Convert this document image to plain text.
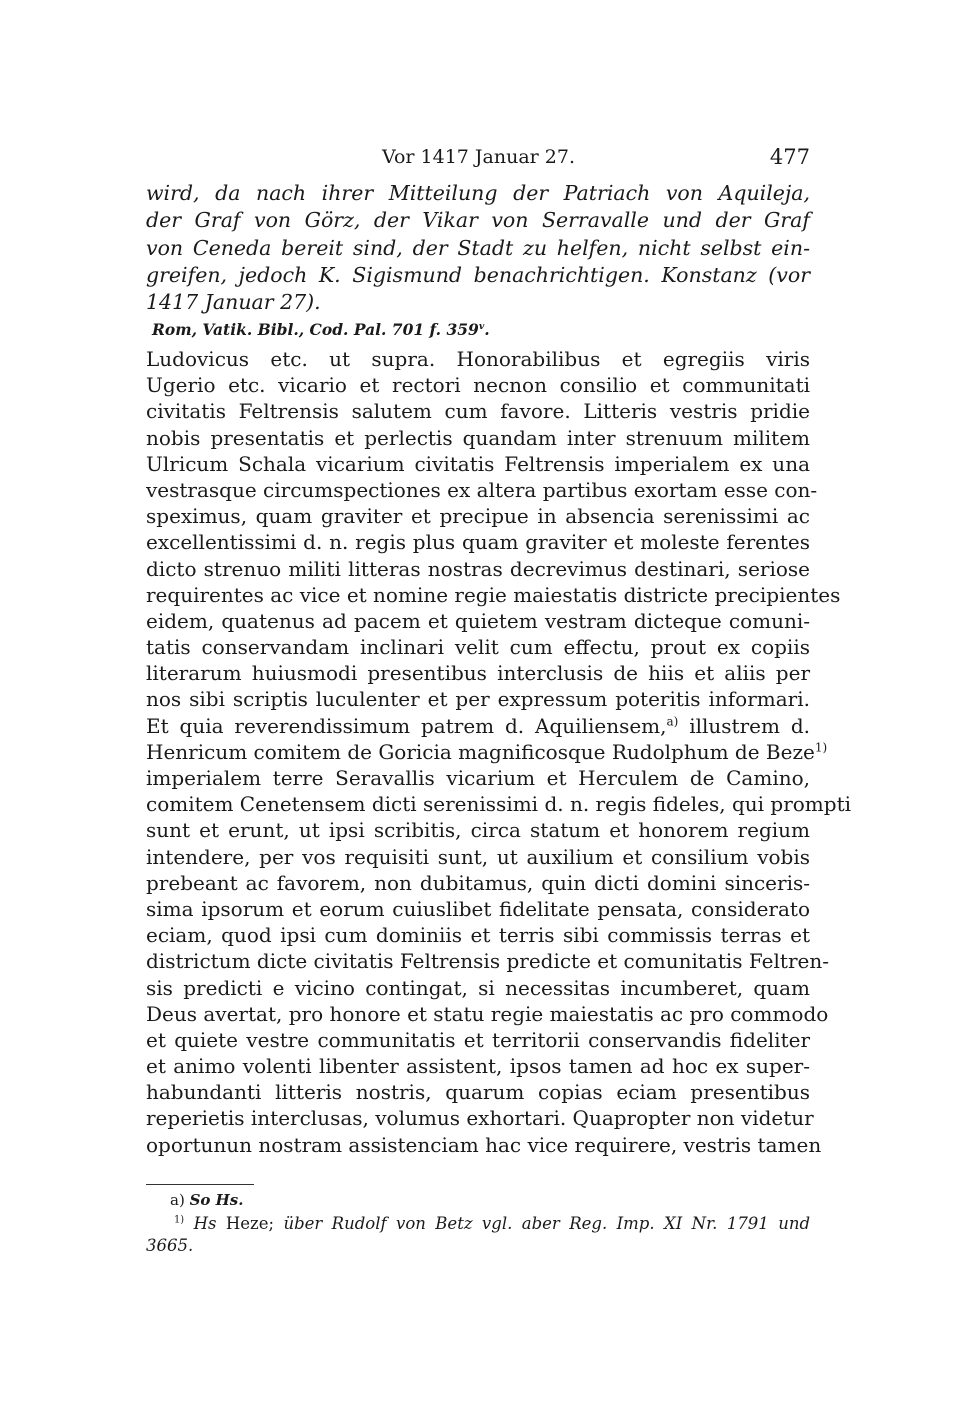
Vor 1417 Januar 27.	477
wird, da nach ihrer Mitteilung der Patriach von Aquileja,
der Graf von Görz, der Vikar von Serravalle und der Graf
von Ceneda bereit sind, der Stadt zu helfen, nicht selbst ein-
greifen, jedoch K. Sigismund benachrichtigen. Konstanz (vor
1417 Januar 27).
Rom, Vatik. Bibl., Cod. Pal. 701 f. 359$^v$.
Ludovicus etc. ut supra. Honorabilibus et egregiis viris
Ugerio etc. vicario et rectori necnon consilio et communitati
civitatis Feltrensis salutem cum favore. Litteris vestris pridie
nobis presentatis et perlectis quandam inter strenuum militem
Ulricum Schala vicarium civitatis Feltrensis imperialem ex una
vestrasque circumspectiones ex altera partibus exortam esse con-
speximus, quam graviter et precipue in absencia serenissimi ac
excellentissimi d. n. regis plus quam graviter et moleste ferentes
dicto strenuo militi litteras nostras decrevimus destinari, seriose
requirentes ac vice et nomine regie maiestatis districte precipientes
eidem, quatenus ad pacem et quietem vestram dicteque comuni-
tatis conservandam inclinari velit cum effectu, prout ex copiis
literarum huiusmodi presentibus interclusis de hiis et aliis per
nos sibi scriptis luculenter et per expressum poteritis informari.
Et quia reverendissimum patrem d. Aquiliensem,$^{a)}$ illustrem d.
Henricum comitem de Goricia magnificosque Rudolphum de Beze$^{1)}$
imperialem terre Seravallis vicarium et Herculem de Camino,
comitem Cenetensem dicti serenissimi d. n. regis fideles, qui prompti
sunt et erunt, ut ipsi scribitis, circa statum et honorem regium
intendere, per vos requisiti sunt, ut auxilium et consilium vobis
prebeant ac favorem, non dubitamus, quin dicti domini sinceris-
sima ipsorum et eorum cuiuslibet fidelitate pensata, considerato
eciam, quod ipsi cum dominiis et terris sibi commissis terras et
districtum dicte civitatis Feltrensis predicte et comunitatis Feltren-
sis predicti e vicino contingat, si necessitas incumberet, quam
Deus avertat, pro honore et statu regie maiestatis ac pro commodo
et quiete vestre communitatis et territorii conservandis fideliter
et animo volenti libenter assistent, ipsos tamen ad hoc ex super-
habundanti litteris nostris, quarum copias eciam presentibus
reperietis interclusas, volumus exhortari. Quapropter non videtur
oportunun nostram assistenciam hac vice requirere, vestris tamen
a) So Hs.
$^{1)}$ Hs Heze; über Rudolf von Betz vgl. aber Reg. Imp. XI Nr. 1791 und
3665.
